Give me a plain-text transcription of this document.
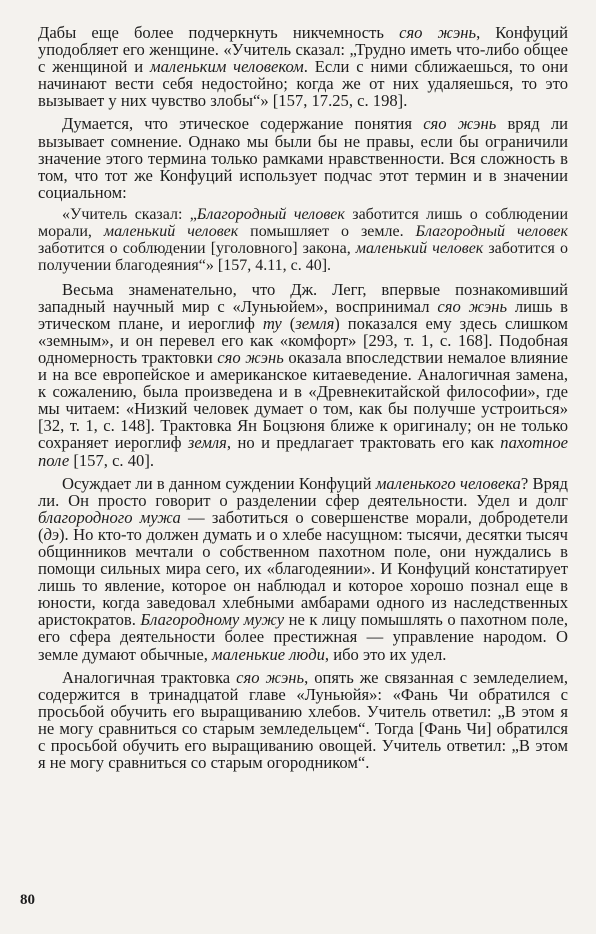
Дабы еще более подчеркнуть никчемность сяо жэнь, Конфуций уподобляет его женщине. «Учитель сказал: „Трудно иметь что-либо общее с женщиной и маленьким человеком. Если с ними сближаешься, то они начинают вести себя недостойно; когда же от них удаляешься, то это вызывает у них чувство злобы“» [157, 17.25, с. 198].

Думается, что этическое содержание понятия сяо жэнь вряд ли вызывает сомнение. Однако мы были бы не правы, если бы ограничили значение этого термина только рамками нравственности. Вся сложность в том, что тот же Конфуций использует подчас этот термин и в значении социальном:

«Учитель сказал: „Благородный человек заботится лишь о соблюдении морали, маленький человек помышляет о земле. Благородный человек заботится о соблюдении [уголовного] закона, маленький человек заботится о получении благодеяния“» [157, 4.11, с. 40].

Весьма знаменательно, что Дж. Легг, впервые познакомивший западный научный мир с «Луньюйем», воспринимал сяо жэнь лишь в этическом плане, и иероглиф ту (земля) показался ему здесь слишком «земным», и он перевел его как «комфорт» [293, т. 1, с. 168]. Подобная одномерность трактовки сяо жэнь оказала впоследствии немалое влияние и на все европейское и американское китаеведение. Аналогичная замена, к сожалению, была произведена и в «Древнекитайской философии», где мы читаем: «Низкий человек думает о том, как бы получше устроиться» [32, т. 1, с. 148]. Трактовка Ян Боцзюня ближе к оригиналу; он не только сохраняет иероглиф земля, но и предлагает трактовать его как пахотное поле [157, с. 40].

Осуждает ли в данном суждении Конфуций маленького человека? Вряд ли. Он просто говорит о разделении сфер деятельности. Удел и долг благородного мужа — заботиться о совершенстве морали, добродетели (дэ). Но кто-то должен думать и о хлебе насущном: тысячи, десятки тысяч общинников мечтали о собственном пахотном поле, они нуждались в помощи сильных мира сего, их «благодеянии». И Конфуций констатирует лишь то явление, которое он наблюдал и которое хорошо познал еще в юности, когда заведовал хлебными амбарами одного из наследственных аристократов. Благородному мужу не к лицу помышлять о пахотном поле, его сфера деятельности более престижная — управление народом. О земле думают обычные, маленькие люди, ибо это их удел.

Аналогичная трактовка сяо жэнь, опять же связанная с земледелием, содержится в тринадцатой главе «Луньюйя»: «Фань Чи обратился с просьбой обучить его выращиванию хлебов. Учитель ответил: „В этом я не могу сравниться со старым земледельцем“. Тогда [Фань Чи] обратился с просьбой обучить его выращиванию овощей. Учитель ответил: „В этом я не могу сравниться со старым огородником“.

80
